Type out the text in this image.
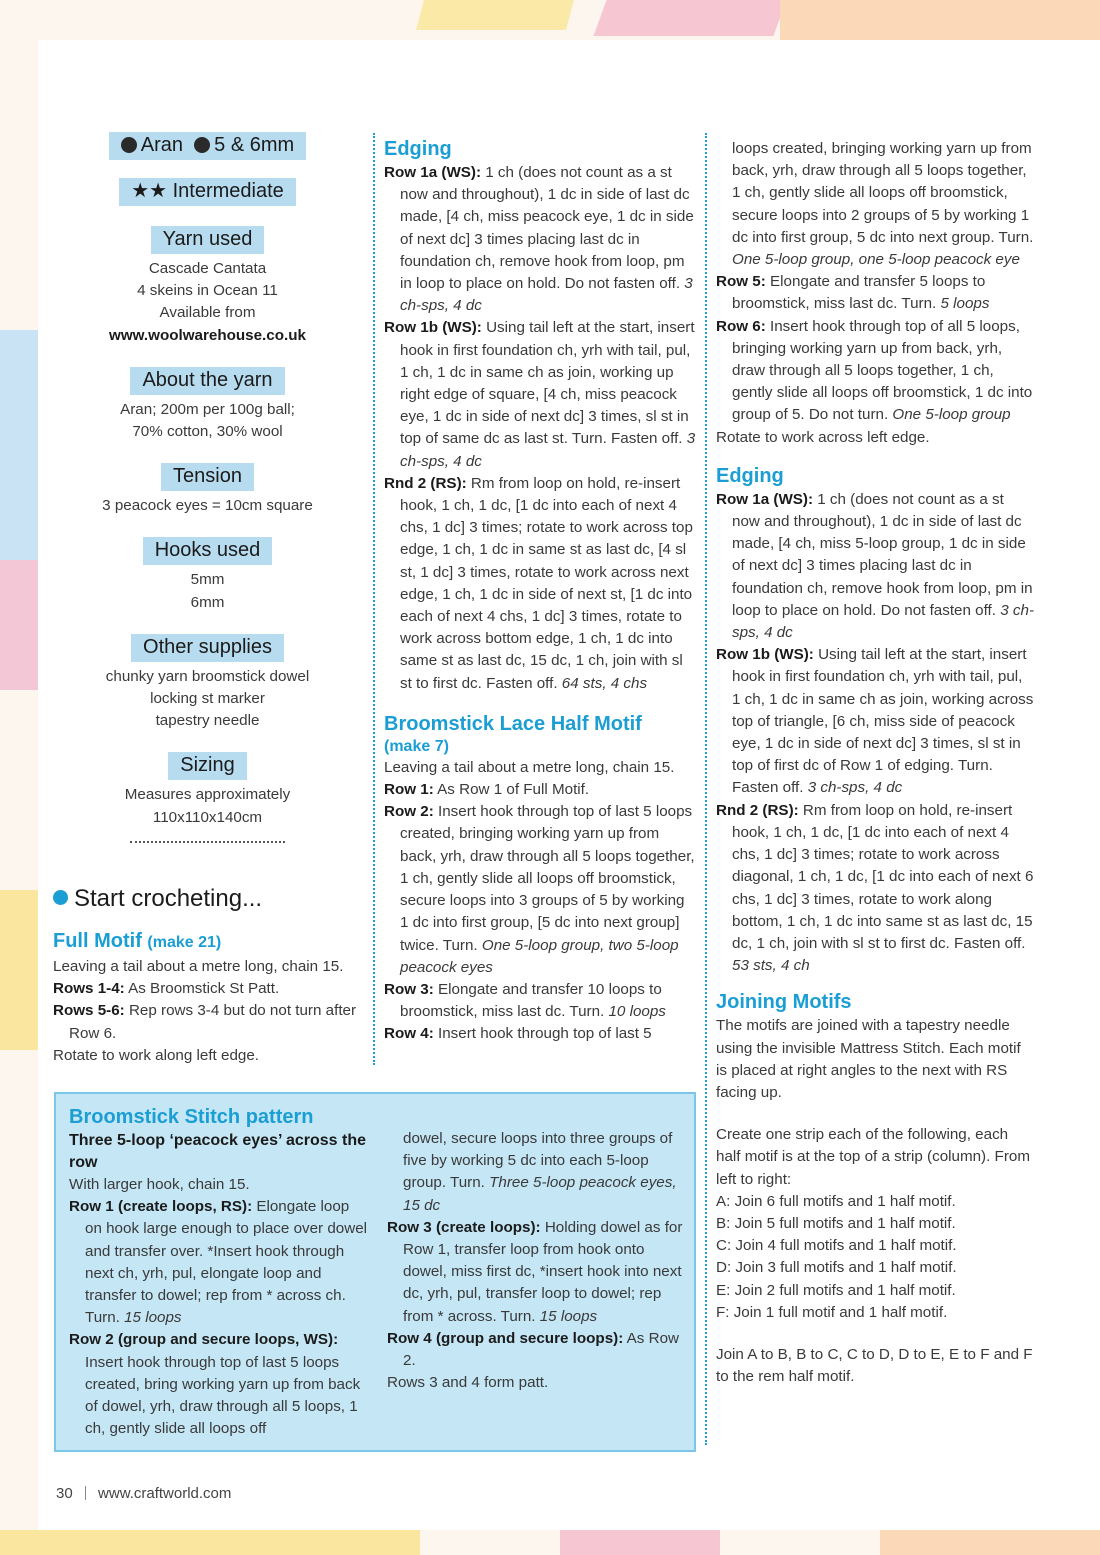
Aran 5 & 6mm
★★ Intermediate
Yarn used
Cascade Cantata
4 skeins in Ocean 11
Available from
www.woolwarehouse.co.uk
About the yarn
Aran; 200m per 100g ball;
70% cotton, 30% wool
Tension
3 peacock eyes = 10cm square
Hooks used
5mm
6mm
Other supplies
chunky yarn broomstick dowel
locking st marker
tapestry needle
Sizing
Measures approximately
110x110x140cm
Start crocheting...
Full Motif (make 21)

Leaving a tail about a metre long, chain 15.

Rows 1-4: As Broomstick St Patt.

Rows 5-6: Rep rows 3-4 but do not turn after Row 6.

Rotate to work along left edge.

Edging

Row 1a (WS): 1 ch (does not count as a st now and throughout), 1 dc in side of last dc made, [4 ch, miss peacock eye, 1 dc in side of next dc] 3 times placing last dc in foundation ch, remove hook from loop, pm in loop to place on hold. Do not fasten off. 3 ch-sps, 4 dc

Row 1b (WS): Using tail left at the start, insert hook in first foundation ch, yrh with tail, pul, 1 ch, 1 dc in same ch as join, working up right edge of square, [4 ch, miss peacock eye, 1 dc in side of next dc] 3 times, sl st in top of same dc as last st. Turn. Fasten off. 3 ch-sps, 4 dc

Rnd 2 (RS): Rm from loop on hold, re-insert hook, 1 ch, 1 dc, [1 dc into each of next 4 chs, 1 dc] 3 times; rotate to work across top edge, 1 ch, 1 dc in same st as last dc, [4 sl st, 1 dc] 3 times, rotate to work across next edge, 1 ch, 1 dc in side of next st, [1 dc into each of next 4 chs, 1 dc] 3 times, rotate to work across bottom edge, 1 ch, 1 dc into same st as last dc, 15 dc, 1 ch, join with sl st to first dc. Fasten off. 64 sts, 4 chs

Broomstick Lace Half Motif
(make 7)

Leaving a tail about a metre long, chain 15.

Row 1: As Row 1 of Full Motif.

Row 2: Insert hook through top of last 5 loops created, bringing working yarn up from back, yrh, draw through all 5 loops together, 1 ch, gently slide all loops off broomstick, secure loops into 3 groups of 5 by working 1 dc into first group, [5 dc into next group] twice. Turn. One 5-loop group, two 5-loop peacock eyes

Row 3: Elongate and transfer 10 loops to broomstick, miss last dc. Turn. 10 loops

Row 4: Insert hook through top of last 5

loops created, bringing working yarn up from back, yrh, draw through all 5 loops together, 1 ch, gently slide all loops off broomstick, secure loops into 2 groups of 5 by working 1 dc into first group, 5 dc into next group. Turn. One 5-loop group, one 5-loop peacock eye

Row 5: Elongate and transfer 5 loops to broomstick, miss last dc. Turn. 5 loops

Row 6: Insert hook through top of all 5 loops, bringing working yarn up from back, yrh, draw through all 5 loops together, 1 ch, gently slide all loops off broomstick, 1 dc into group of 5. Do not turn. One 5-loop group

Rotate to work across left edge.

Edging

Row 1a (WS): 1 ch (does not count as a st now and throughout), 1 dc in side of last dc made, [4 ch, miss 5-loop group, 1 dc in side of next dc] 3 times placing last dc in foundation ch, remove hook from loop, pm in loop to place on hold. Do not fasten off. 3 ch-sps, 4 dc

Row 1b (WS): Using tail left at the start, insert hook in first foundation ch, yrh with tail, pul, 1 ch, 1 dc in same ch as join, working across top of triangle, [6 ch, miss side of peacock eye, 1 dc in side of next dc] 3 times, sl st in top of first dc of Row 1 of edging. Turn. Fasten off. 3 ch-sps, 4 dc

Rnd 2 (RS): Rm from loop on hold, re-insert hook, 1 ch, 1 dc, [1 dc into each of next 4 chs, 1 dc] 3 times; rotate to work across diagonal, 1 ch, 1 dc, [1 dc into each of next 6 chs, 1 dc] 3 times, rotate to work along bottom, 1 ch, 1 dc into same st as last dc, 15 dc, 1 ch, join with sl st to first dc. Fasten off. 53 sts, 4 ch

Joining Motifs

The motifs are joined with a tapestry needle using the invisible Mattress Stitch. Each motif is placed at right angles to the next with RS facing up.

Create one strip each of the following, each half motif is at the top of a strip (column). From left to right:

A: Join 6 full motifs and 1 half motif.

B: Join 5 full motifs and 1 half motif.

C: Join 4 full motifs and 1 half motif.

D: Join 3 full motifs and 1 half motif.

E: Join 2 full motifs and 1 half motif.

F: Join 1 full motif and 1 half motif.

Join A to B, B to C, C to D, D to E, E to F and F to the rem half motif.

Broomstick Stitch pattern
Three 5-loop ‘peacock eyes’ across the row

With larger hook, chain 15.

Row 1 (create loops, RS): Elongate loop on hook large enough to place over dowel and transfer over. *Insert hook through next ch, yrh, pul, elongate loop and transfer to dowel; rep from * across ch. Turn. 15 loops

Row 2 (group and secure loops, WS): Insert hook through top of last 5 loops created, bring working yarn up from back of dowel, yrh, draw through all 5 loops, 1 ch, gently slide all loops off

dowel, secure loops into three groups of five by working 5 dc into each 5-loop group. Turn. Three 5-loop peacock eyes, 15 dc

Row 3 (create loops): Holding dowel as for Row 1, transfer loop from hook onto dowel, miss first dc, *insert hook into next dc, yrh, pul, transfer loop to dowel; rep from * across. Turn. 15 loops

Row 4 (group and secure loops): As Row 2.

Rows 3 and 4 form patt.

30 www.craftworld.com
